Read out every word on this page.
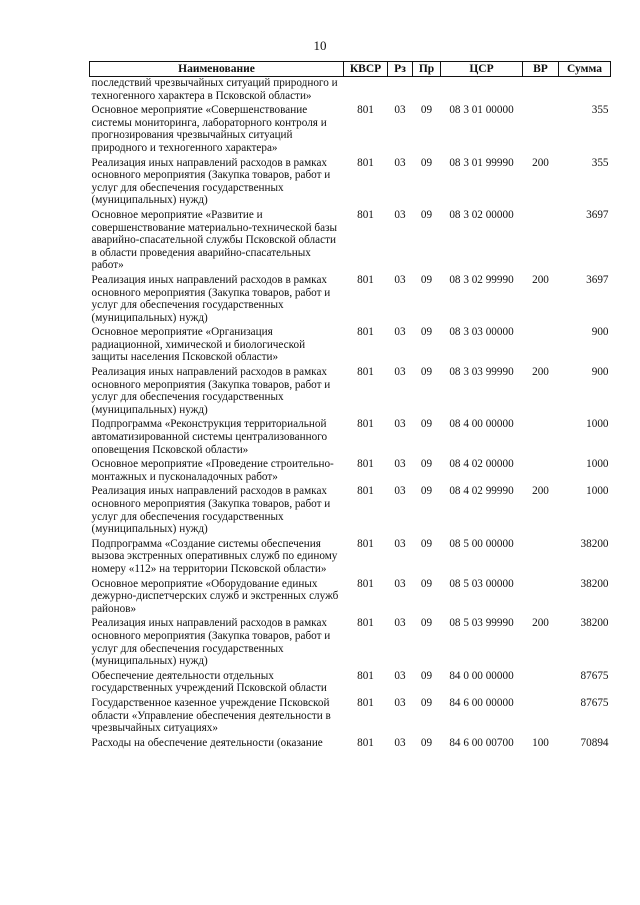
10
Наименование	КВСР	Рз	Пр	ЦСР	ВР	Сумма
последствий чрезвычайных ситуаций природного и техногенного характера в Псковской области»						
Основное мероприятие «Совершенствование системы мониторинга, лабораторного контроля и прогнозирования чрезвычайных ситуаций природного и техногенного характера»	801	03	09	08 3 01 00000		355
Реализация иных направлений расходов в рамках основного мероприятия (Закупка товаров, работ и услуг для обеспечения государственных (муниципальных) нужд)	801	03	09	08 3 01 99990	200	355
Основное мероприятие «Развитие и совершенствование материально-технической базы аварийно-спасательной службы Псковской области в области проведения аварийно-спасательных работ»	801	03	09	08 3 02 00000		3697
Реализация иных направлений расходов в рамках основного мероприятия (Закупка товаров, работ и услуг для обеспечения государственных (муниципальных) нужд)	801	03	09	08 3 02 99990	200	3697
Основное мероприятие «Организация радиационной, химической и биологической защиты населения Псковской области»	801	03	09	08 3 03 00000		900
Реализация иных направлений расходов в рамках основного мероприятия (Закупка товаров, работ и услуг для обеспечения государственных (муниципальных) нужд)	801	03	09	08 3 03 99990	200	900
Подпрограмма «Реконструкция территориальной автоматизированной системы централизованного оповещения Псковской области»	801	03	09	08 4 00 00000		1000
Основное мероприятие «Проведение строительно-монтажных и пусконаладочных работ»	801	03	09	08 4 02 00000		1000
Реализация иных направлений расходов в рамках основного мероприятия (Закупка товаров, работ и услуг для обеспечения государственных (муниципальных) нужд)	801	03	09	08 4 02 99990	200	1000
Подпрограмма «Создание системы обеспечения вызова экстренных оперативных служб по единому номеру «112» на территории Псковской области»	801	03	09	08 5 00 00000		38200
Основное мероприятие «Оборудование единых дежурно-диспетчерских служб и экстренных служб районов»	801	03	09	08 5 03 00000		38200
Реализация иных направлений расходов в рамках основного мероприятия (Закупка товаров, работ и услуг для обеспечения государственных (муниципальных) нужд)	801	03	09	08 5 03 99990	200	38200
Обеспечение деятельности отдельных государственных учреждений Псковской области	801	03	09	84 0 00 00000		87675
Государственное казенное учреждение Псковской области «Управление обеспечения деятельности в чрезвычайных ситуациях»	801	03	09	84 6 00 00000		87675
Расходы на обеспечение деятельности (оказание	801	03	09	84 6 00 00700	100	70894
